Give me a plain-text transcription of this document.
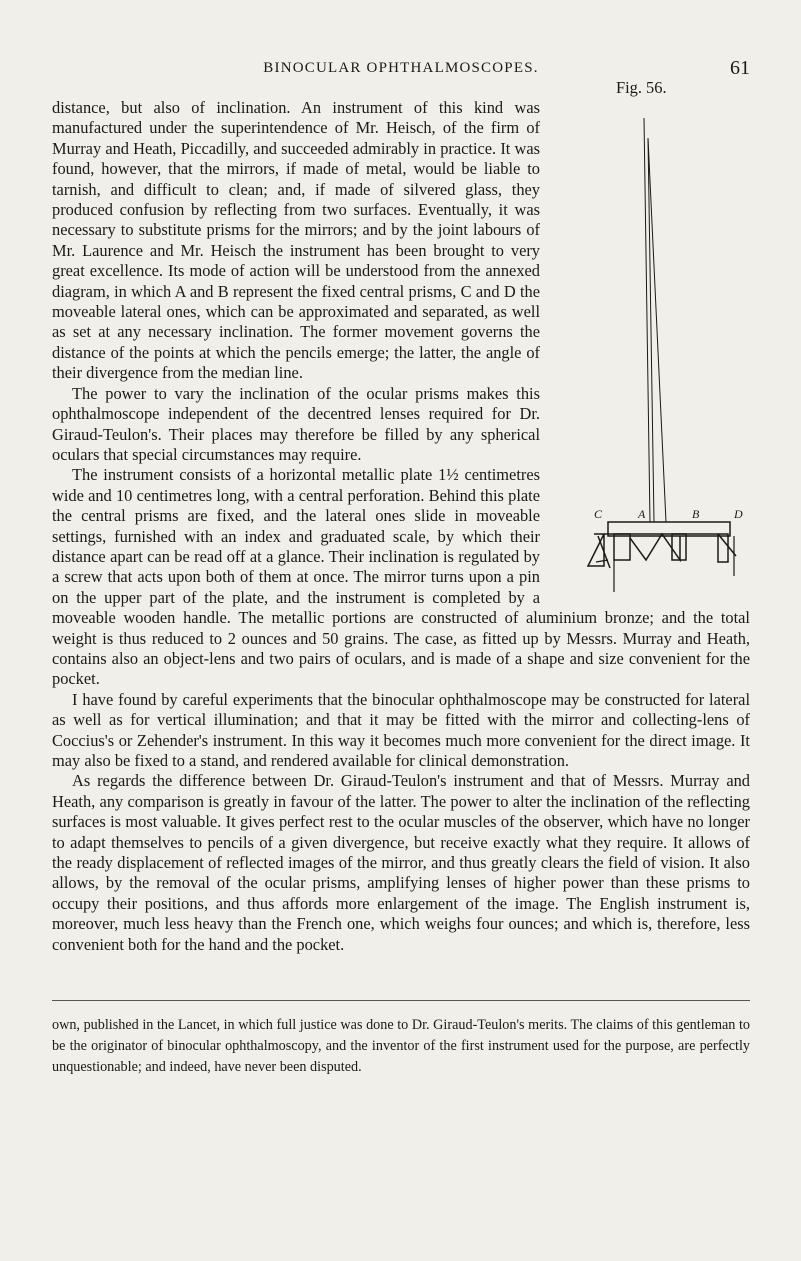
BINOCULAR OPHTHALMOSCOPES.	61
Fig. 56.
C	A	B	D

distance, but also of inclination. An instrument of this kind was manufactured under the superintendence of Mr. Heisch, of the firm of Murray and Heath, Piccadilly, and succeeded admirably in practice. It was found, however, that the mirrors, if made of metal, would be liable to tarnish, and difficult to clean; and, if made of silvered glass, they produced confusion by reflecting from two surfaces. Eventually, it was necessary to substitute prisms for the mirrors; and by the joint labours of Mr. Laurence and Mr. Heisch the instrument has been brought to very great excellence. Its mode of action will be understood from the annexed diagram, in which A and B represent the fixed central prisms, C and D the moveable lateral ones, which can be approximated and separated, as well as set at any necessary inclination. The former movement governs the distance of the points at which the pencils emerge; the latter, the angle of their divergence from the median line.

The power to vary the inclination of the ocular prisms makes this ophthalmoscope independent of the decentred lenses required for Dr. Giraud-Teulon's. Their places may therefore be filled by any spherical oculars that special circumstances may require.

The instrument consists of a horizontal metallic plate 1½ centimetres wide and 10 centimetres long, with a central perforation. Behind this plate the central prisms are fixed, and the lateral ones slide in moveable settings, furnished with an index and graduated scale, by which their distance apart can be read off at a glance. Their inclination is regulated by a screw that acts upon both of them at once. The mirror turns upon a pin on the upper part of the plate, and the instrument is completed by a moveable wooden handle. The metallic portions are constructed of aluminium bronze; and the total weight is thus reduced to 2 ounces and 50 grains. The case, as fitted up by Messrs. Murray and Heath, contains also an object-lens and two pairs of oculars, and is made of a shape and size convenient for the pocket.

I have found by careful experiments that the binocular ophthalmoscope may be constructed for lateral as well as for vertical illumination; and that it may be fitted with the mirror and collecting-lens of Coccius's or Zehender's instrument. In this way it becomes much more convenient for the direct image. It may also be fixed to a stand, and rendered available for clinical demonstration.

As regards the difference between Dr. Giraud-Teulon's instrument and that of Messrs. Murray and Heath, any comparison is greatly in favour of the latter. The power to alter the inclination of the reflecting surfaces is most valuable. It gives perfect rest to the ocular muscles of the observer, which have no longer to adapt themselves to pencils of a given divergence, but receive exactly what they require. It allows of the ready displacement of reflected images of the mirror, and thus greatly clears the field of vision. It also allows, by the removal of the ocular prisms, amplifying lenses of higher power than these prisms to occupy their positions, and thus affords more enlargement of the image. The English instrument is, moreover, much less heavy than the French one, which weighs four ounces; and which is, therefore, less convenient both for the hand and the pocket.

own, published in the Lancet, in which full justice was done to Dr. Giraud-Teulon's merits. The claims of this gentleman to be the originator of binocular ophthalmoscopy, and the inventor of the first instrument used for the purpose, are perfectly unquestionable; and indeed, have never been disputed.
